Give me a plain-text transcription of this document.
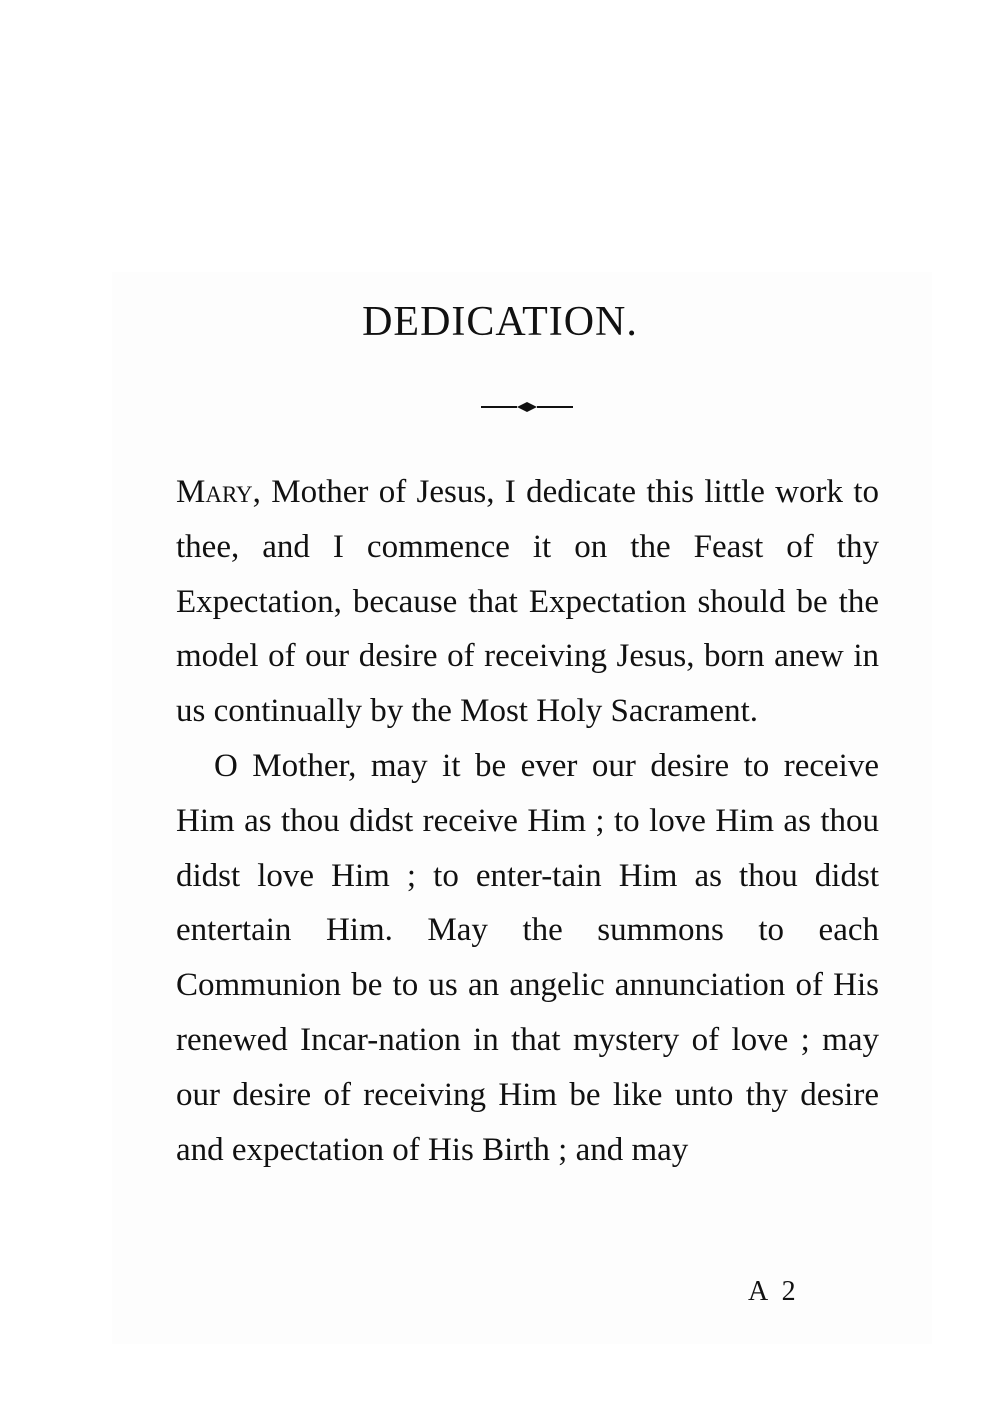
DEDICATION.

Mary, Mother of Jesus, I dedicate this little work to thee, and I commence it on the Feast of thy Expectation, because that Expectation should be the model of our desire of receiving Jesus, born anew in us continually by the Most Holy Sacrament.

O Mother, may it be ever our desire to receive Him as thou didst receive Him ; to love Him as thou didst love Him ; to enter-tain Him as thou didst entertain Him. May the summons to each Communion be to us an angelic annunciation of His renewed Incar-nation in that mystery of love ; may our desire of receiving Him be like unto thy desire and expectation of His Birth ; and may

A 2
